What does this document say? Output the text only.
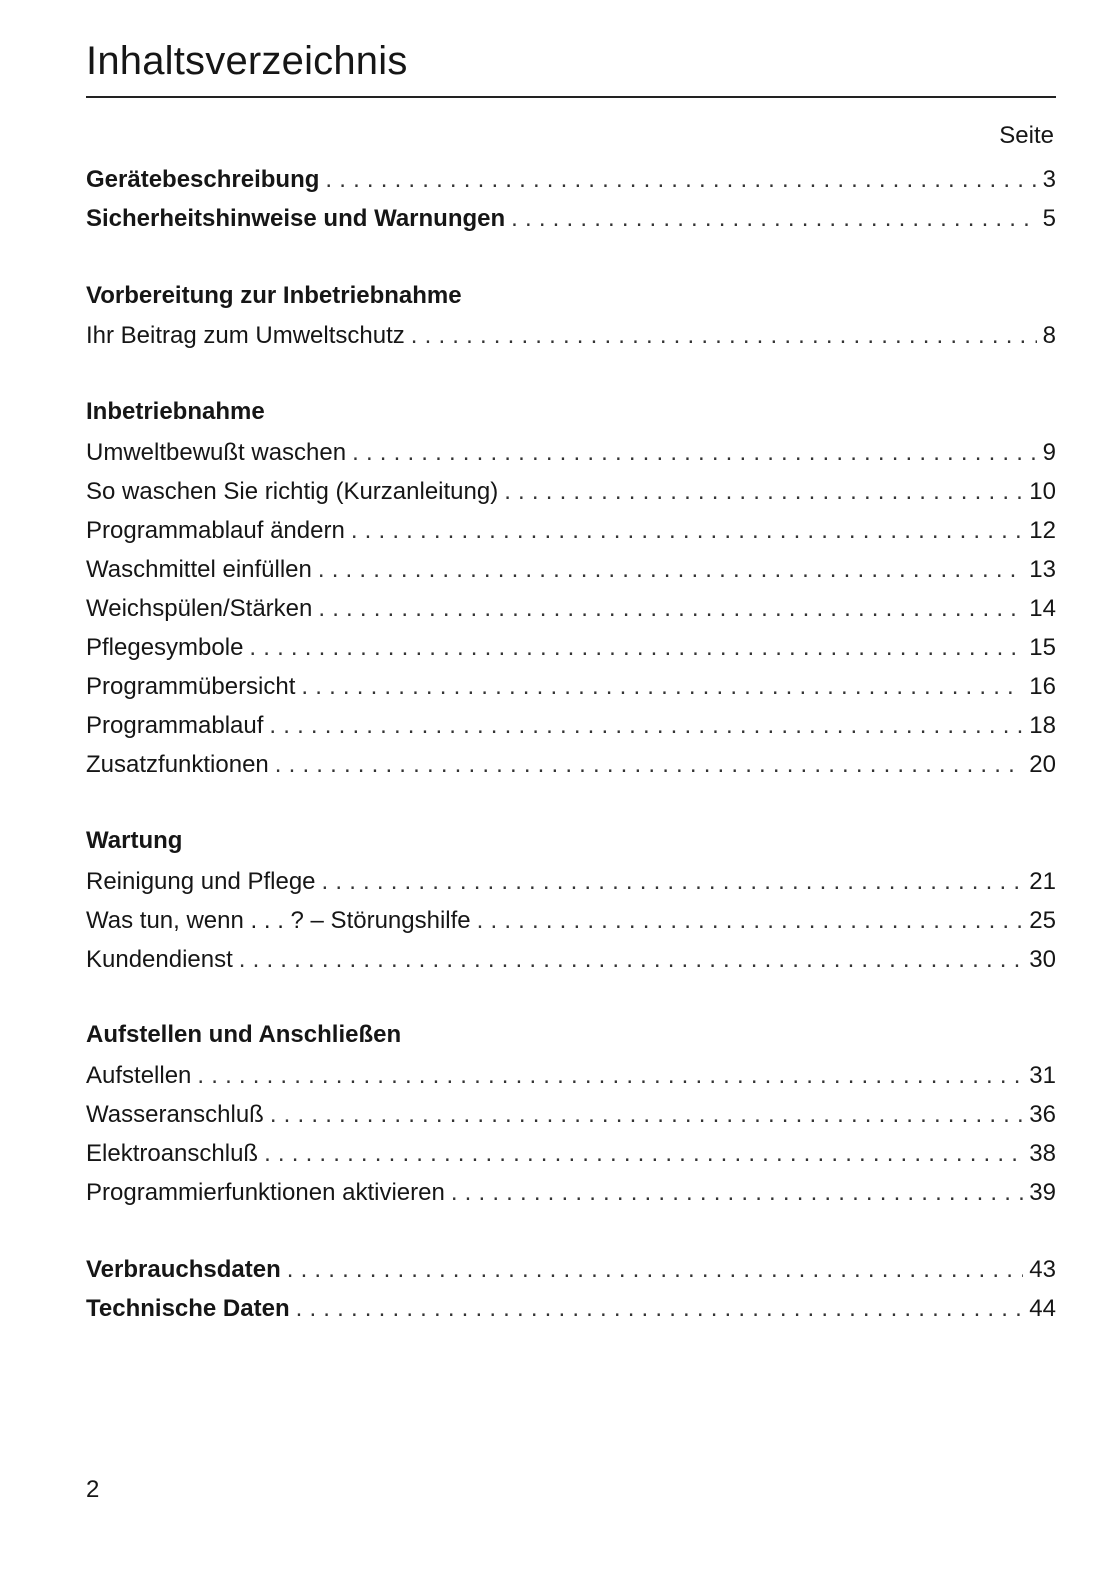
Inhaltsverzeichnis
Seite
Gerätebeschreibung . . .	3
Sicherheitshinweise und Warnungen . . .	5
Vorbereitung zur Inbetriebnahme
Ihr Beitrag zum Umweltschutz . . .	8
Inbetriebnahme
Umweltbewußt waschen . . .	9
So waschen Sie richtig (Kurzanleitung) . . .	10
Programmablauf ändern . . .	12
Waschmittel einfüllen . . .	13
Weichspülen/Stärken . . .	14
Pflegesymbole . . .	15
Programmübersicht . . .	16
Programmablauf . . .	18
Zusatzfunktionen . . .	20
Wartung
Reinigung und Pflege . . .	21
Was tun, wenn . . . ? – Störungshilfe . . .	25
Kundendienst . . .	30
Aufstellen und Anschließen
Aufstellen . . .	31
Wasseranschluß . . .	36
Elektroanschluß . . .	38
Programmierfunktionen aktivieren . . .	39
Verbrauchsdaten . . .	43
Technische Daten . . .	44
2
